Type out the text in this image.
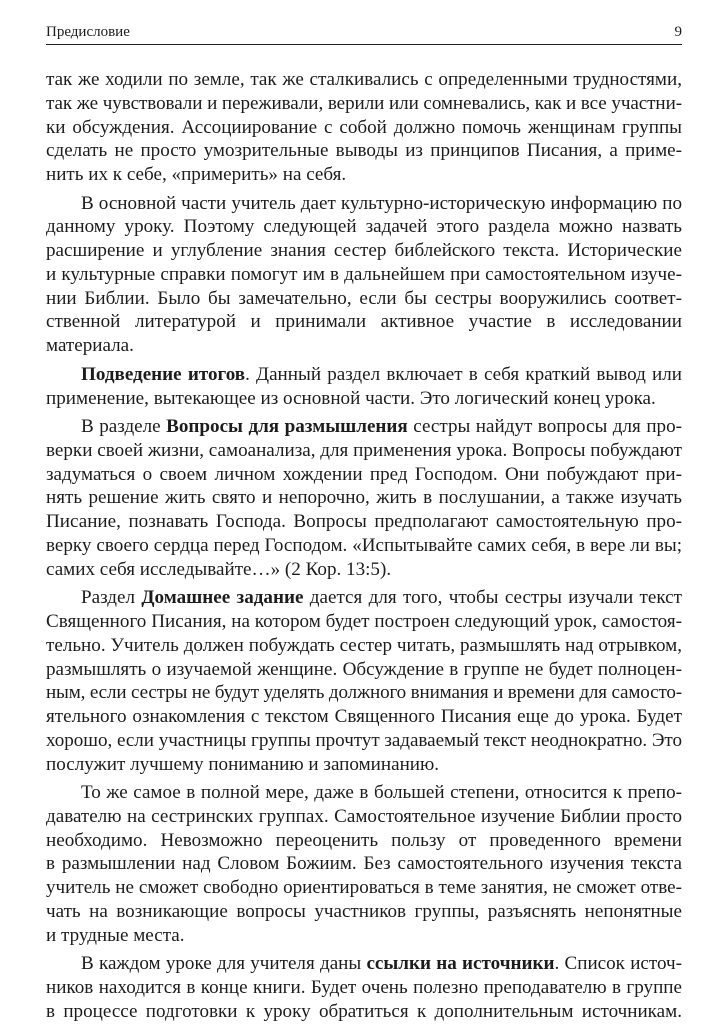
Предисловие	9
так же ходили по земле, так же сталкивались с определенными трудностями,
так же чувствовали и переживали, верили или сомневались, как и все участни-
ки обсуждения. Ассоциирование с собой должно помочь женщинам группы
сделать не просто умозрительные выводы из принципов Писания, а приме-
нить их к себе, «примерить» на себя.
В основной части учитель дает культурно-историческую информацию по
данному уроку. Поэтому следующей задачей этого раздела можно назвать
расширение и углубление знания сестер библейского текста. Исторические
и культурные справки помогут им в дальнейшем при самостоятельном изуче-
нии Библии. Было бы замечательно, если бы сестры вооружились соответ-
ственной литературой и принимали активное участие в исследовании
материала.
Подведение итогов. Данный раздел включает в себя краткий вывод или
применение, вытекающее из основной части. Это логический конец урока.
В разделе Вопросы для размышления сестры найдут вопросы для про-
верки своей жизни, самоанализа, для применения урока. Вопросы побуждают
задуматься о своем личном хождении пред Господом. Они побуждают при-
нять решение жить свято и непорочно, жить в послушании, а также изучать
Писание, познавать Господа. Вопросы предполагают самостоятельную про-
верку своего сердца перед Господом. «Испытывайте самих себя, в вере ли вы;
самих себя исследывайте…» (2 Кор. 13:5).
Раздел Домашнее задание дается для того, чтобы сестры изучали текст
Священного Писания, на котором будет построен следующий урок, самостоя-
тельно. Учитель должен побуждать сестер читать, размышлять над отрывком,
размышлять о изучаемой женщине. Обсуждение в группе не будет полноцен-
ным, если сестры не будут уделять должного внимания и времени для самосто-
ятельного ознакомления с текстом Священного Писания еще до урока. Будет
хорошо, если участницы группы прочтут задаваемый текст неоднократно. Это
послужит лучшему пониманию и запоминанию.
То же самое в полной мере, даже в большей степени, относится к препо-
давателю на сестринских группах. Самостоятельное изучение Библии просто
необходимо. Невозможно переоценить пользу от проведенного времени
в размышлении над Словом Божиим. Без самостоятельного изучения текста
учитель не сможет свободно ориентироваться в теме занятия, не сможет отве-
чать на возникающие вопросы участников группы, разъяснять непонятные
и трудные места.
В каждом уроке для учителя даны ссылки на источники. Список источ-
ников находится в конце книги. Будет очень полезно преподавателю в группе
в процессе подготовки к уроку обратиться к дополнительным источникам.
